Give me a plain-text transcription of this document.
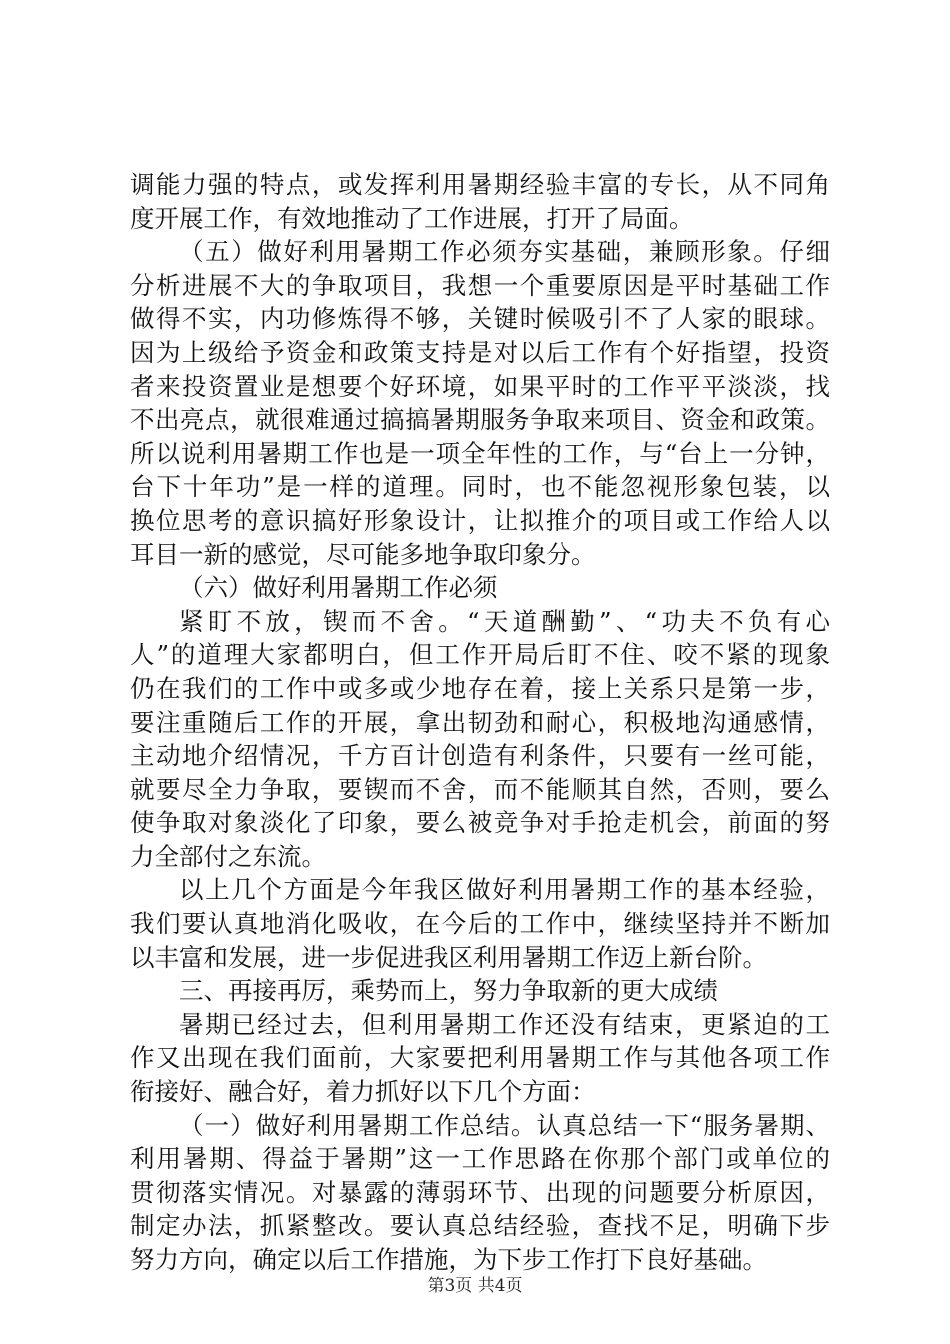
调能力强的特点，或发挥利用暑期经验丰富的专长，从不同角
度开展工作，有效地推动了工作进展，打开了局面。
（五）做好利用暑期工作必须夯实基础，兼顾形象。仔细
分析进展不大的争取项目，我想一个重要原因是平时基础工作
做得不实，内功修炼得不够，关键时候吸引不了人家的眼球。
因为上级给予资金和政策支持是对以后工作有个好指望，投资
者来投资置业是想要个好环境，如果平时的工作平平淡淡，找
不出亮点，就很难通过搞搞暑期服务争取来项目、资金和政策。
所以说利用暑期工作也是一项全年性的工作，与“台上一分钟，
台下十年功”是一样的道理。同时，也不能忽视形象包装，以
换位思考的意识搞好形象设计，让拟推介的项目或工作给人以
耳目一新的感觉，尽可能多地争取印象分。
（六）做好利用暑期工作必须
紧盯不放，锲而不舍。“天道酬勤”、“功夫不负有心
人”的道理大家都明白，但工作开局后盯不住、咬不紧的现象
仍在我们的工作中或多或少地存在着，接上关系只是第一步，
要注重随后工作的开展，拿出韧劲和耐心，积极地沟通感情，
主动地介绍情况，千方百计创造有利条件，只要有一丝可能，
就要尽全力争取，要锲而不舍，而不能顺其自然，否则，要么
使争取对象淡化了印象，要么被竞争对手抢走机会，前面的努
力全部付之东流。
以上几个方面是今年我区做好利用暑期工作的基本经验，
我们要认真地消化吸收，在今后的工作中，继续坚持并不断加
以丰富和发展，进一步促进我区利用暑期工作迈上新台阶。
三、再接再厉，乘势而上，努力争取新的更大成绩
暑期已经过去，但利用暑期工作还没有结束，更紧迫的工
作又出现在我们面前，大家要把利用暑期工作与其他各项工作
衔接好、融合好，着力抓好以下几个方面：
（一）做好利用暑期工作总结。认真总结一下“服务暑期、
利用暑期、得益于暑期”这一工作思路在你那个部门或单位的
贯彻落实情况。对暴露的薄弱环节、出现的问题要分析原因，
制定办法，抓紧整改。要认真总结经验，查找不足，明确下步
努力方向，确定以后工作措施，为下步工作打下良好基础。
第3页 共4页
